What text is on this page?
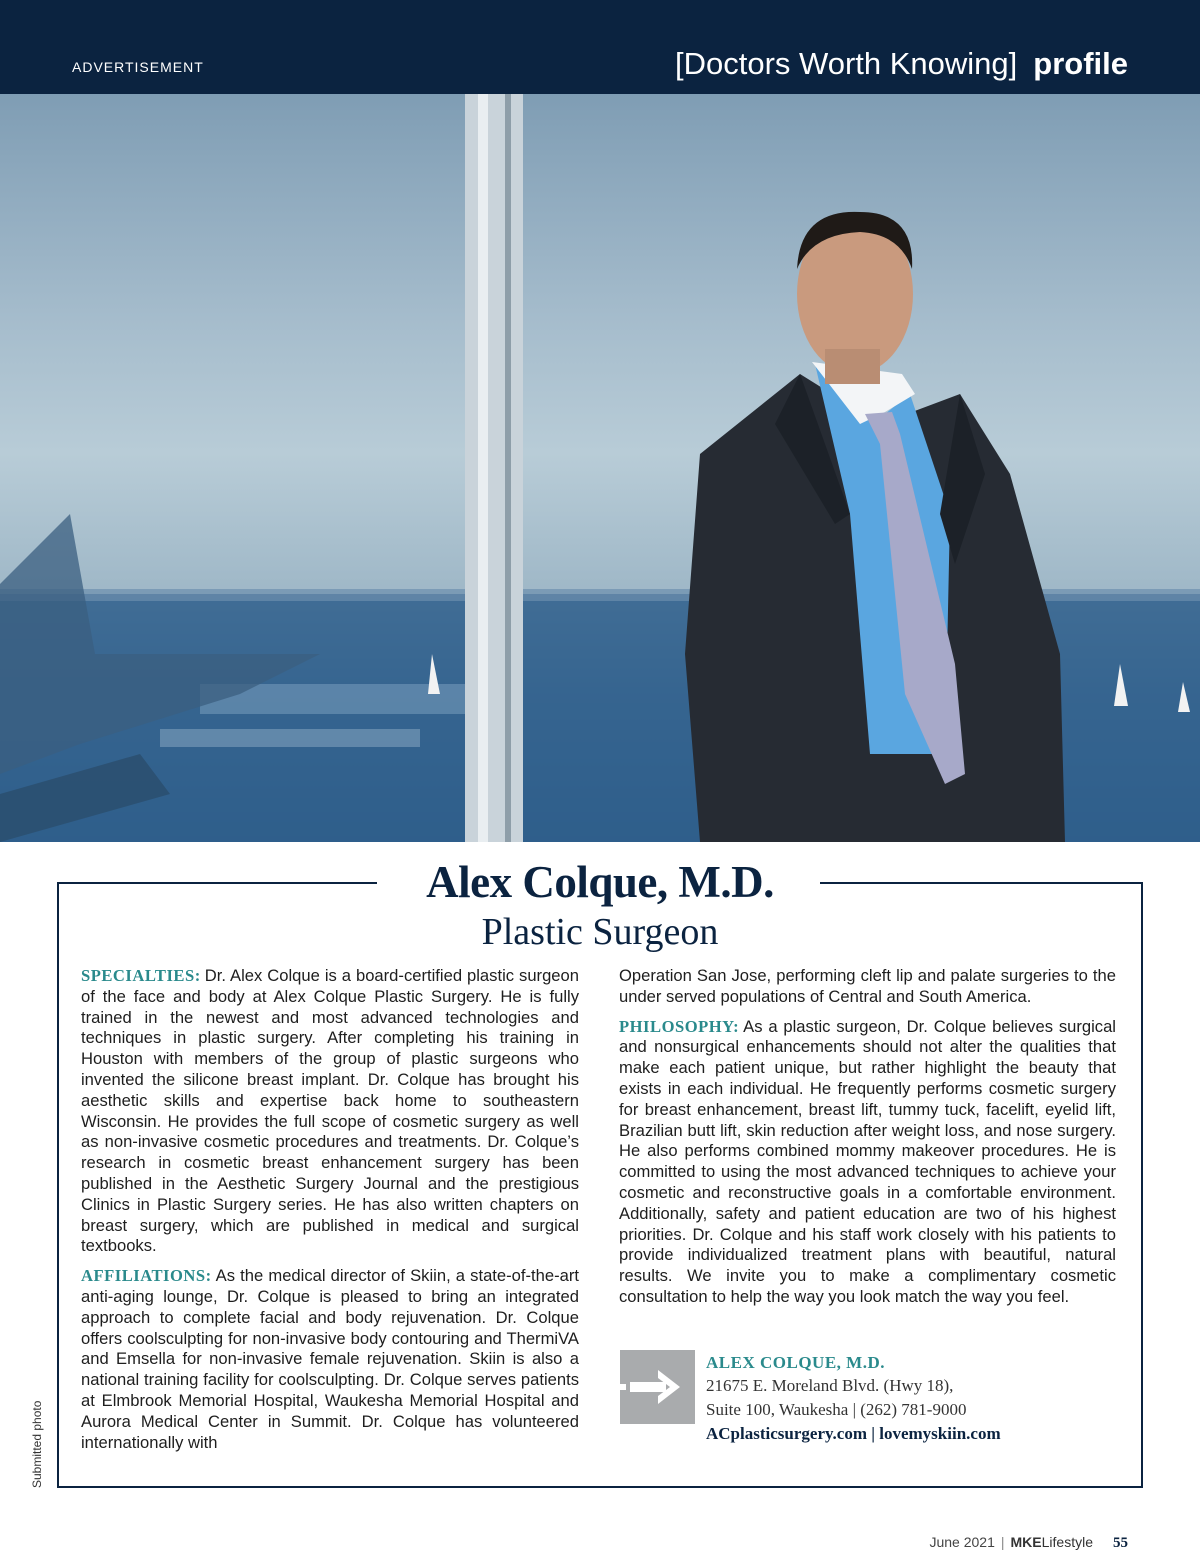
ADVERTISEMENT	[Doctors Worth Knowing] profile
Submitted photo
Alex Colque, M.D.
Plastic Surgeon

SPECIALTIES: Dr. Alex Colque is a board-certified plastic surgeon of the face and body at Alex Colque Plastic Surgery. He is fully trained in the newest and most advanced technologies and techniques in plastic surgery. After completing his training in Houston with members of the group of plastic surgeons who invented the silicone breast implant. Dr. Colque has brought his aesthetic skills and expertise back home to southeastern Wisconsin. He provides the full scope of cosmetic surgery as well as non-invasive cosmetic procedures and treatments. Dr. Colque’s research in cosmetic breast enhancement surgery has been published in the Aesthetic Surgery Journal and the prestigious Clinics in Plastic Surgery series. He has also written chapters on breast surgery, which are published in medical and surgical textbooks.

AFFILIATIONS: As the medical director of Skiin, a state-of-the-art anti-aging lounge, Dr. Colque is pleased to bring an integrated approach to complete facial and body rejuvenation. Dr. Colque offers coolsculpting for non-invasive body contouring and ThermiVA and Emsella for non-invasive female rejuvenation. Skiin is also a national training facility for coolsculpting. Dr. Colque serves patients at Elmbrook Memorial Hospital, Waukesha Memorial Hospital and Aurora Medical Center in Summit. Dr. Colque has volunteered internationally with

Operation San Jose, performing cleft lip and palate surgeries to the under served populations of Central and South America.

PHILOSOPHY: As a plastic surgeon, Dr. Colque believes surgical and nonsurgical enhancements should not alter the qualities that make each patient unique, but rather highlight the beauty that exists in each individual. He frequently performs cosmetic surgery for breast enhancement, breast lift, tummy tuck, facelift, eyelid lift, Brazilian butt lift, skin reduction after weight loss, and nose surgery. He also performs combined mommy makeover procedures. He is committed to using the most advanced techniques to achieve your cosmetic and reconstructive goals in a comfortable environment. Additionally, safety and patient education are two of his highest priorities. Dr. Colque and his staff work closely with his patients to provide individualized treatment plans with beautiful, natural results. We invite you to make a complimentary cosmetic consultation to help the way you look match the way you feel.

ALEX COLQUE, M.D.
21675 E. Moreland Blvd. (Hwy 18),
Suite 100, Waukesha | (262) 781-9000
ACplasticsurgery.com | lovemyskiin.com
June 2021 | MKE Lifestyle 55
